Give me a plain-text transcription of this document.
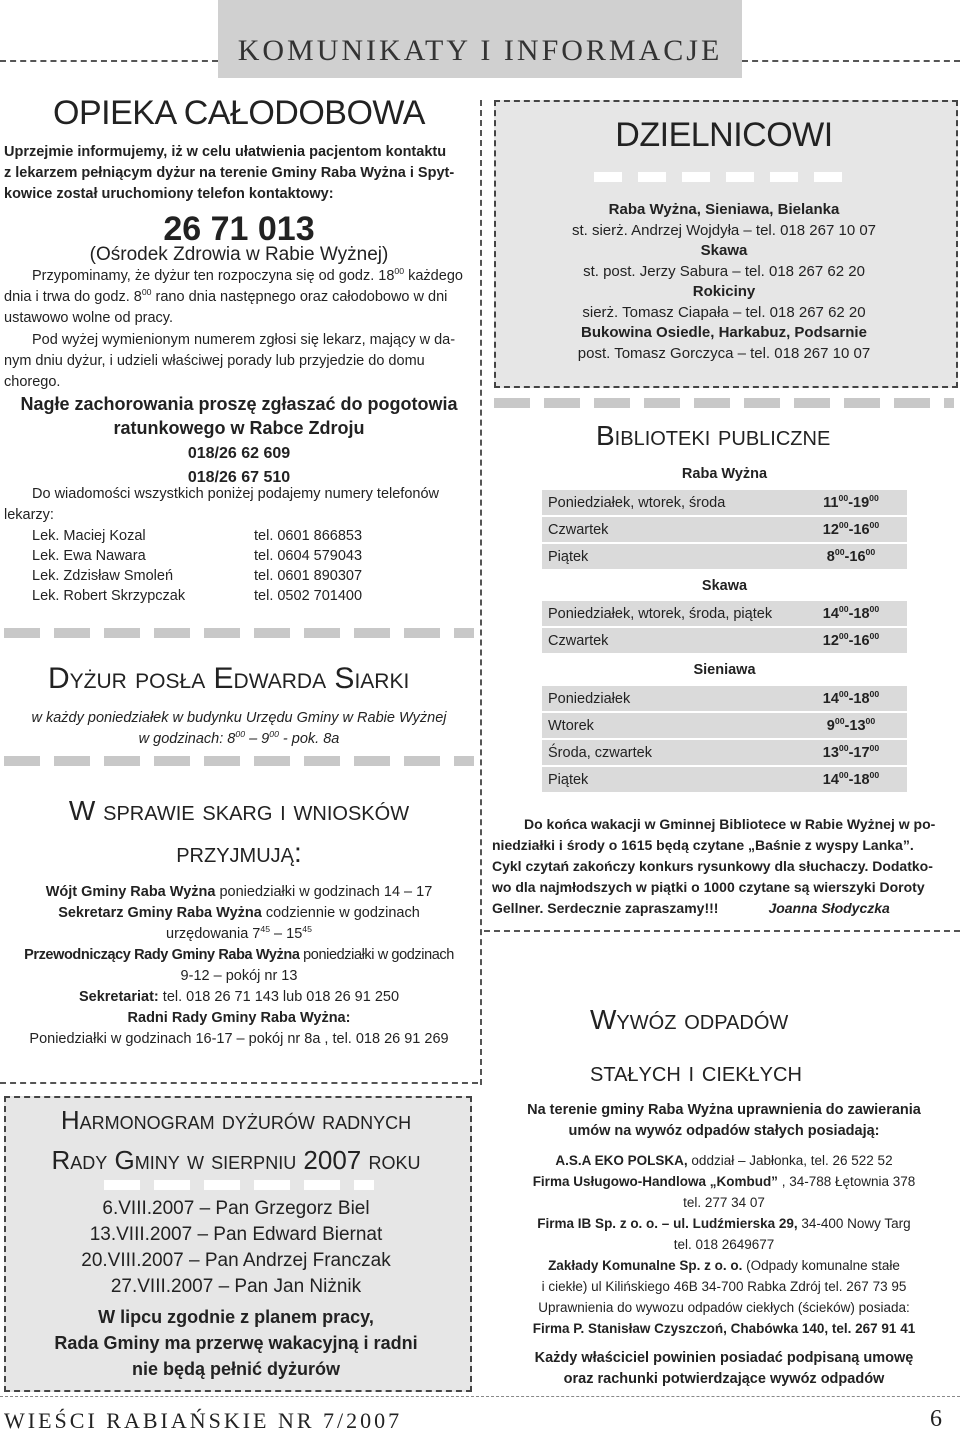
KOMUNIKATY I INFORMACJE
OPIEKA CAŁODOBOWA
Uprzejmie informujemy, iż w celu ułatwienia pacjentom kontaktu
z lekarzem pełniącym dyżur na terenie Gminy Raba Wyżna i Spyt-
kowice został uruchomiony telefon kontaktowy:
26 71 013
(Ośrodek Zdrowia w Rabie Wyżnej)
Przypominamy, że dyżur ten rozpoczyna się od godz. $18^{00}$ każdego
dnia i trwa do godz. $8^{00}$ rano dnia następnego oraz całodobowo w dni
ustawowo wolne od pracy.
Pod wyżej wymienionym numerem zgłosi się lekarz, mający w da-
nym dniu dyżur, i udzieli właściwej porady lub przyjedzie do domu
chorego.
Nagłe zachorowania proszę zgłaszać do pogotowia
ratunkowego w Rabce Zdroju
018/26 62 609
018/26 67 510
Do wiadomości wszystkich poniżej podajemy numery telefonów
lekarzy:
Lek. Maciej Kozal	tel. 0601 866853
Lek. Ewa Nawara	tel. 0604 579043
Lek. Zdzisław Smoleń	tel. 0601 890307
Lek. Robert Skrzypczak	tel. 0502 701400
Dyżur posła Edwarda Siarki
w każdy poniedziałek w budynku Urzędu Gminy w Rabie Wyżnej
w godzinach: $8^{00} - 9^{00}$ - pok. 8a
W sprawie skarg i wniosków
przyjmują:
Wójt Gminy Raba Wyżna poniedziałki w godzinach 14 – 17
Sekretarz Gminy Raba Wyżna codziennie w godzinach
urzędowania $7^{45} - 15^{45}$
Przewodniczący Rady Gminy Raba Wyżna poniedziałki w godzinach
9-12 – pokój nr 13
Sekretariat: tel. 018 26 71 143 lub 018 26 91 250
Radni Rady Gminy Raba Wyżna:
Poniedziałki w godzinach 16-17 – pokój nr 8a , tel. 018 26 91 269
Harmonogram dyżurów radnych
Rady Gminy w sierpniu 2007 roku
6.VIII.2007 – Pan Grzegorz Biel
13.VIII.2007 – Pan Edward Biernat
20.VIII.2007 – Pan Andrzej Franczak
27.VIII.2007 – Pan Jan Niżnik
W lipcu zgodnie z planem pracy,
Rada Gminy ma przerwę wakacyjną i radni
nie będą pełnić dyżurów
DZIELNICOWI
Raba Wyżna, Sieniawa, Bielanka
st. sierż. Andrzej Wojdyła – tel. 018 267 10 07
Skawa
st. post. Jerzy Sabura – tel. 018 267 62 20
Rokiciny
sierż. Tomasz Ciapała – tel. 018 267 62 20
Bukowina Osiedle, Harkabuz, Podsarnie
post. Tomasz Gorczyca – tel. 018 267 10 07
Biblioteki publiczne
Raba Wyżna
Poniedziałek, wtorek, środa	$11^{00}-19^{00}$
Czwartek	$12^{00}-16^{00}$
Piątek	$8^{00}-16^{00}$
Skawa
Poniedziałek, wtorek, środa, piątek	$14^{00}-18^{00}$
Czwartek	$12^{00}-16^{00}$
Sieniawa
Poniedziałek	$14^{00}-18^{00}$
Wtorek	$9^{00}-13^{00}$
Środa, czwartek	$13^{00}-17^{00}$
Piątek	$14^{00}-18^{00}$
Do końca wakacji w Gminnej Bibliotece w Rabie Wyżnej w po-
niedziałki i środy o 1615 będą czytane „Baśnie z wyspy Lanka”.
Cykl czytań zakończy konkurs rysunkowy dla słuchaczy. Dodatko-
wo dla najmłodszych w piątki o 1000 czytane są wierszyki Doroty
Gellner. Serdecznie zapraszamy!!!	Joanna Słodyczka
Wywóz odpadów
stałych i ciekłych
Na terenie gminy Raba Wyżna uprawnienia do zawierania
umów na wywóz odpadów stałych posiadają:
A.S.A EKO POLSKA, oddział – Jabłonka, tel. 26 522 52
Firma Usługowo-Handlowa „Kombud” , 34-788 Łętownia 378
tel. 277 34 07
Firma IB Sp. z o. o. – ul. Ludźmierska 29, 34-400 Nowy Targ
tel. 018 2649677
Zakłady Komunalne Sp. z o. o. (Odpady komunalne stałe
i ciekłe) ul Kilińskiego 46B 34-700 Rabka Zdrój tel. 267 73 95
Uprawnienia do wywozu odpadów ciekłych (ścieków) posiada:
Firma P. Stanisław Czyszczoń, Chabówka 140, tel. 267 91 41
Każdy właściciel powinien posiadać podpisaną umowę
oraz rachunki potwierdzające wywóz odpadów
WIEŚCI RABIAŃSKIE NR 7/2007	6
